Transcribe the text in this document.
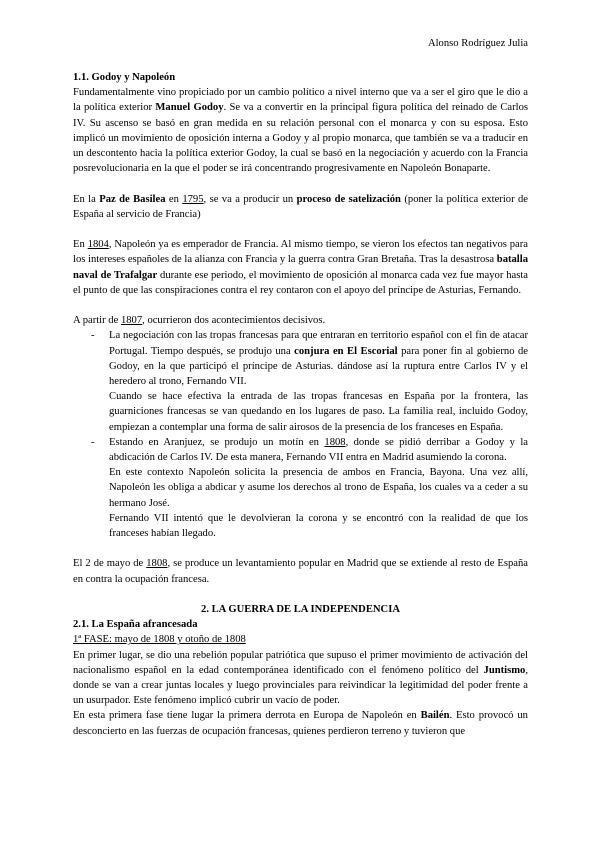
Alonso Rodríguez Julia

1.1. Godoy y Napoleón

Fundamentalmente vino propiciado por un cambio político a nivel interno que va a ser el giro que le dio a la política exterior Manuel Godoy. Se va a convertir en la principal figura política del reinado de Carlos IV. Su ascenso se basó en gran medida en su relación personal con el monarca y con su esposa. Esto implicó un movimiento de oposición interna a Godoy y al propio monarca, que también se va a traducir en un descontento hacia la política exterior Godoy, la cual se basó en la negociación y acuerdo con la Francia posrevolucionaria en la que el poder se irá concentrando progresivamente en Napoleón Bonaparte.

En la Paz de Basilea en 1795, se va a producir un proceso de satelización (poner la política exterior de España al servicio de Francia)

En 1804, Napoleón ya es emperador de Francia. Al mismo tiempo, se vieron los efectos tan negativos para los intereses españoles de la alianza con Francia y la guerra contra Gran Bretaña. Tras la desastrosa batalla naval de Trafalgar durante ese periodo, el movimiento de oposición al monarca cada vez fue mayor hasta el punto de que las conspiraciones contra el rey contaron con el apoyo del príncipe de Asturias, Fernando.

A partir de 1807, ocurrieron dos acontecimientos decisivos.

- La negociación con las tropas francesas para que entraran en territorio español con el fin de atacar Portugal. Tiempo después, se produjo una conjura en El Escorial para poner fin al gobierno de Godoy, en la que participó el príncipe de Asturias. dándose así la ruptura entre Carlos IV y el heredero al trono, Fernando VII.

Cuando se hace efectiva la entrada de las tropas francesas en España por la frontera, las guarniciones francesas se van quedando en los lugares de paso. La familia real, incluido Godoy, empiezan a contemplar una forma de salir airosos de la presencia de los franceses en España.

- Estando en Aranjuez, se produjo un motín en 1808, donde se pidió derribar a Godoy y la abdicación de Carlos IV. De esta manera, Fernando VII entra en Madrid asumiendo la corona.

En este contexto Napoleón solicita la presencia de ambos en Francia, Bayona. Una vez allí, Napoleón les obliga a abdicar y asume los derechos al trono de España, los cuales va a ceder a su hermano José.

Fernando VII intentó que le devolvieran la corona y se encontró con la realidad de que los franceses habían llegado.

El 2 de mayo de 1808, se produce un levantamiento popular en Madrid que se extiende al resto de España en contra la ocupación francesa.

2. LA GUERRA DE LA INDEPENDENCIA

2.1. La España afrancesada

1ª FASE: mayo de 1808 y otoño de 1808

En primer lugar, se dio una rebelión popular patriótica que supuso el primer movimiento de activación del nacionalismo español en la edad contemporánea identificado con el fenómeno político del Juntismo, donde se van a crear juntas locales y luego provinciales para reivindicar la legitimidad del poder frente a un usurpador. Este fenómeno implicó cubrir un vacío de poder.

En esta primera fase tiene lugar la primera derrota en Europa de Napoleón en Bailén. Esto provocó un desconcierto en las fuerzas de ocupación francesas, quienes perdieron terreno y tuvieron que
